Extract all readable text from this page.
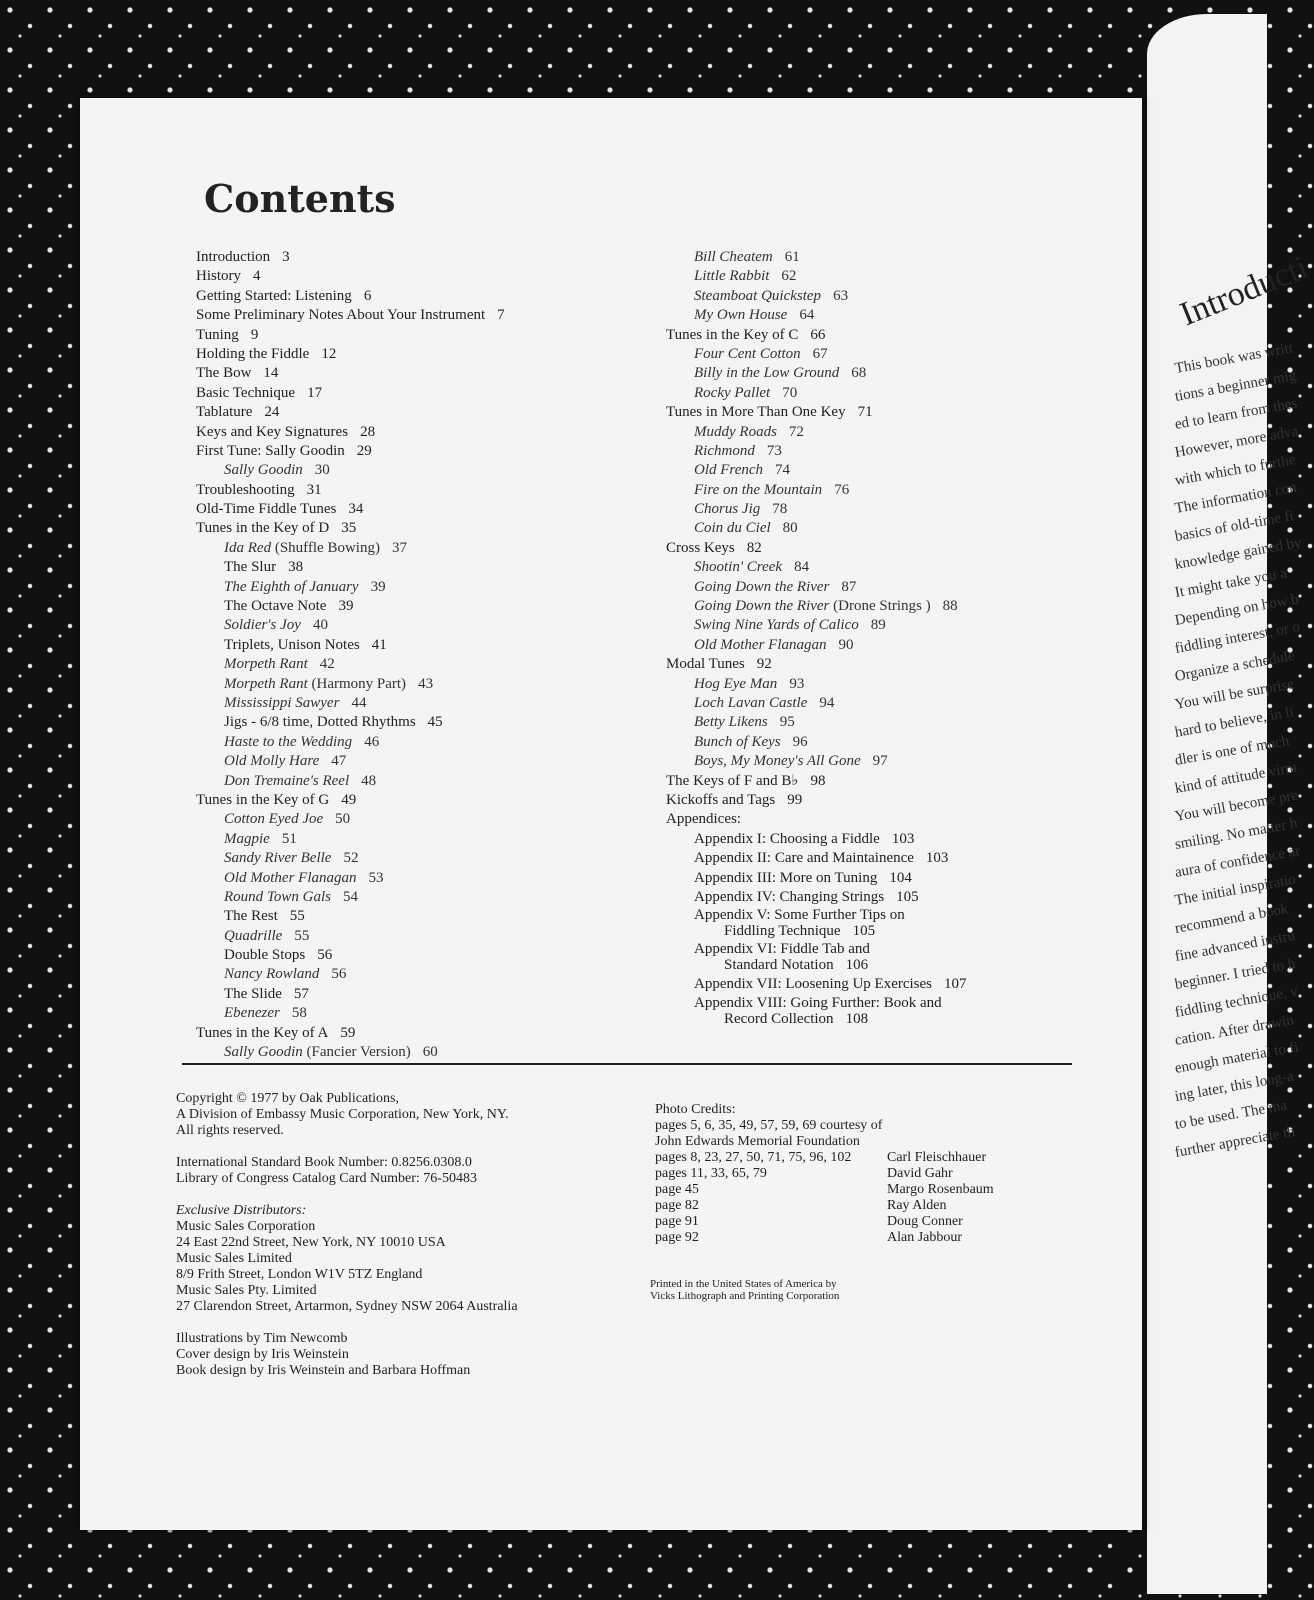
Introducti
This book was writt
tions a beginner mig
ed to learn from thes
However, more adva
with which to furthe
The information con
basics of old-time fi
knowledge gained by
It might take you a
Depending on how b
fiddling interest, or o
Organize a schedule
You will be surprise
hard to believe, in li
dler is one of much
kind of attitude virtu
You will become pre
smiling. No matter h
aura of confidence ar
The initial inspiratio
recommend a book
fine advanced instru
beginner. I tried to h
fiddling technique, v
cation. After drawin
enough material to fi
ing later, this long-a
to be used. The ma
further appreciate th
Contents
Introduction 3
History 4
Getting Started: Listening 6
Some Preliminary Notes About Your Instrument 7
Tuning 9
Holding the Fiddle 12
The Bow 14
Basic Technique 17
Tablature 24
Keys and Key Signatures 28
First Tune: Sally Goodin 29
Sally Goodin 30
Troubleshooting 31
Old-Time Fiddle Tunes 34
Tunes in the Key of D 35
Ida Red (Shuffle Bowing) 37
The Slur 38
The Eighth of January 39
The Octave Note 39
Soldier's Joy 40
Triplets, Unison Notes 41
Morpeth Rant 42
Morpeth Rant (Harmony Part) 43
Mississippi Sawyer 44
Jigs - 6/8 time, Dotted Rhythms 45
Haste to the Wedding 46
Old Molly Hare 47
Don Tremaine's Reel 48
Tunes in the Key of G 49
Cotton Eyed Joe 50
Magpie 51
Sandy River Belle 52
Old Mother Flanagan 53
Round Town Gals 54
The Rest 55
Quadrille 55
Double Stops 56
Nancy Rowland 56
The Slide 57
Ebenezer 58
Tunes in the Key of A 59
Sally Goodin (Fancier Version) 60
Bill Cheatem 61
Little Rabbit 62
Steamboat Quickstep 63
My Own House 64
Tunes in the Key of C 66
Four Cent Cotton 67
Billy in the Low Ground 68
Rocky Pallet 70
Tunes in More Than One Key 71
Muddy Roads 72
Richmond 73
Old French 74
Fire on the Mountain 76
Chorus Jig 78
Coin du Ciel 80
Cross Keys 82
Shootin' Creek 84
Going Down the River 87
Going Down the River (Drone Strings ) 88
Swing Nine Yards of Calico 89
Old Mother Flanagan 90
Modal Tunes 92
Hog Eye Man 93
Loch Lavan Castle 94
Betty Likens 95
Bunch of Keys 96
Boys, My Money's All Gone 97
The Keys of F and B♭ 98
Kickoffs and Tags 99
Appendices:
Appendix I: Choosing a Fiddle 103
Appendix II: Care and Maintainence 103
Appendix III: More on Tuning 104
Appendix IV: Changing Strings 105
Appendix V: Some Further Tips on
Fiddling Technique 105
Appendix VI: Fiddle Tab and
Standard Notation 106
Appendix VII: Loosening Up Exercises 107
Appendix VIII: Going Further: Book and
Record Collection 108

Copyright © 1977 by Oak Publications,

A Division of Embassy Music Corporation, New York, NY.

All rights reserved.

International Standard Book Number: 0.8256.0308.0

Library of Congress Catalog Card Number: 76-50483

Exclusive Distributors:

Music Sales Corporation

24 East 22nd Street, New York, NY 10010 USA

Music Sales Limited

8/9 Frith Street, London W1V 5TZ England

Music Sales Pty. Limited

27 Clarendon Street, Artarmon, Sydney NSW 2064 Australia

Illustrations by Tim Newcomb

Cover design by Iris Weinstein

Book design by Iris Weinstein and Barbara Hoffman

Photo Credits:

pages 5, 6, 35, 49, 57, 59, 69 courtesy of

John Edwards Memorial Foundation

pages 8, 23, 27, 50, 71, 75, 96, 102	Carl Fleischhauer
pages 11, 33, 65, 79	David Gahr
page 45	Margo Rosenbaum
page 82	Ray Alden
page 91	Doug Conner
page 92	Alan Jabbour
Printed in the United States of America by
Vicks Lithograph and Printing Corporation
